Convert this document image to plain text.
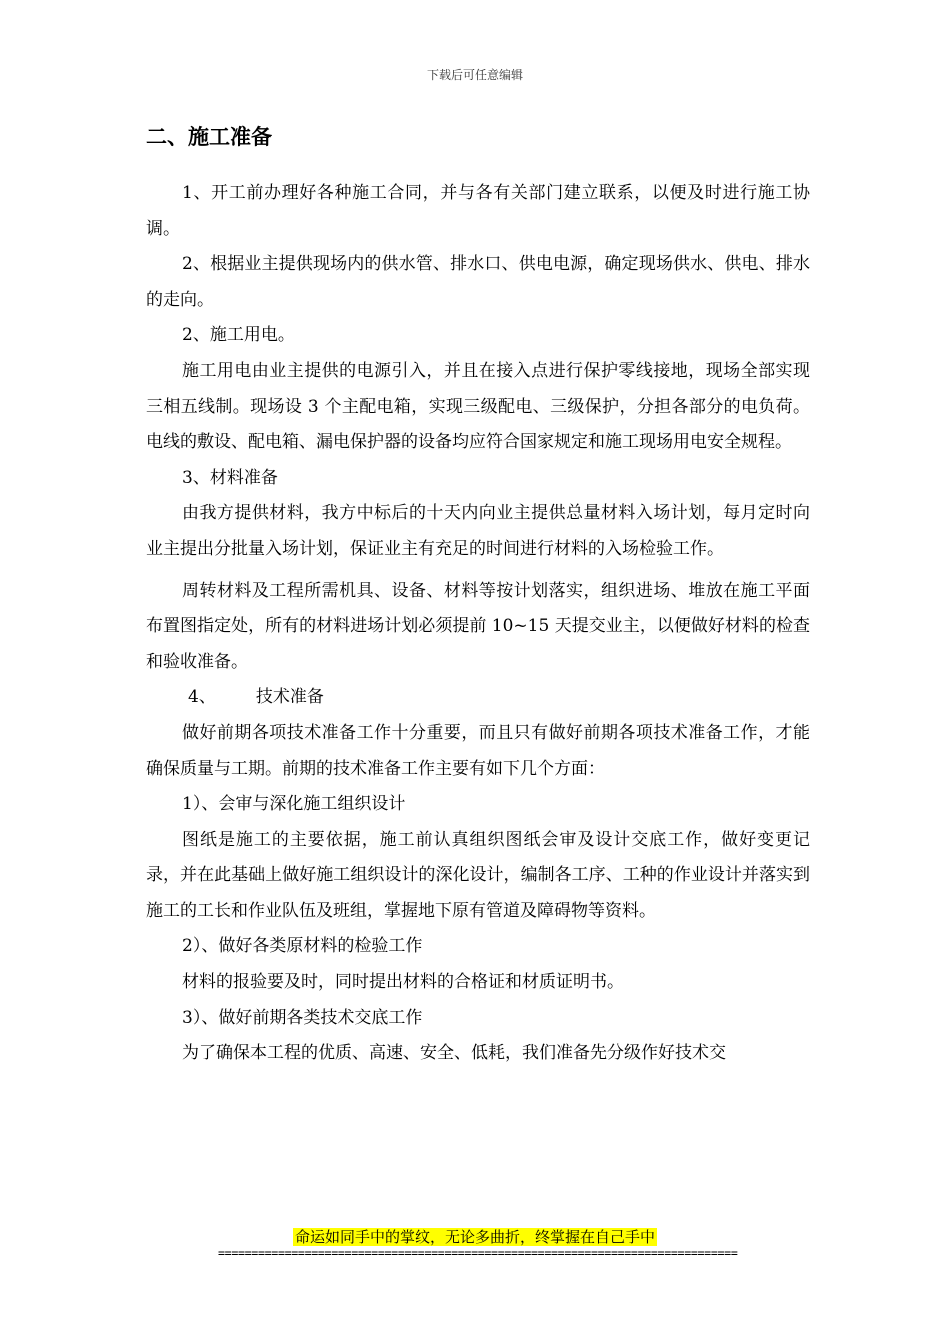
下载后可任意编辑
二、施工准备

1、开工前办理好各种施工合同，并与各有关部门建立联系，以便及时进行施工协调。

2、根据业主提供现场内的供水管、排水口、供电电源，确定现场供水、供电、排水的走向。

2、施工用电。

施工用电由业主提供的电源引入，并且在接入点进行保护零线接地，现场全部实现三相五线制。现场设 3 个主配电箱，实现三级配电、三级保护，分担各部分的电负荷。电线的敷设、配电箱、漏电保护器的设备均应符合国家规定和施工现场用电安全规程。

3、材料准备

由我方提供材料，我方中标后的十天内向业主提供总量材料入场计划，每月定时向业主提出分批量入场计划，保证业主有充足的时间进行材料的入场检验工作。

周转材料及工程所需机具、设备、材料等按计划落实，组织进场、堆放在施工平面布置图指定处，所有的材料进场计划必须提前 10~15 天提交业主，以便做好材料的检查和验收准备。

4、 技术准备

做好前期各项技术准备工作十分重要，而且只有做好前期各项技术准备工作，才能确保质量与工期。前期的技术准备工作主要有如下几个方面：

1）、会审与深化施工组织设计

图纸是施工的主要依据，施工前认真组织图纸会审及设计交底工作，做好变更记录，并在此基础上做好施工组织设计的深化设计，编制各工序、工种的作业设计并落实到施工的工长和作业队伍及班组，掌握地下原有管道及障碍物等资料。

2）、做好各类原材料的检验工作

材料的报验要及时，同时提出材料的合格证和材质证明书。

3）、做好前期各类技术交底工作

为了确保本工程的优质、高速、安全、低耗，我们准备先分级作好技术交

命运如同手中的掌纹，无论多曲折，终掌握在自己手中
==============================================================================
